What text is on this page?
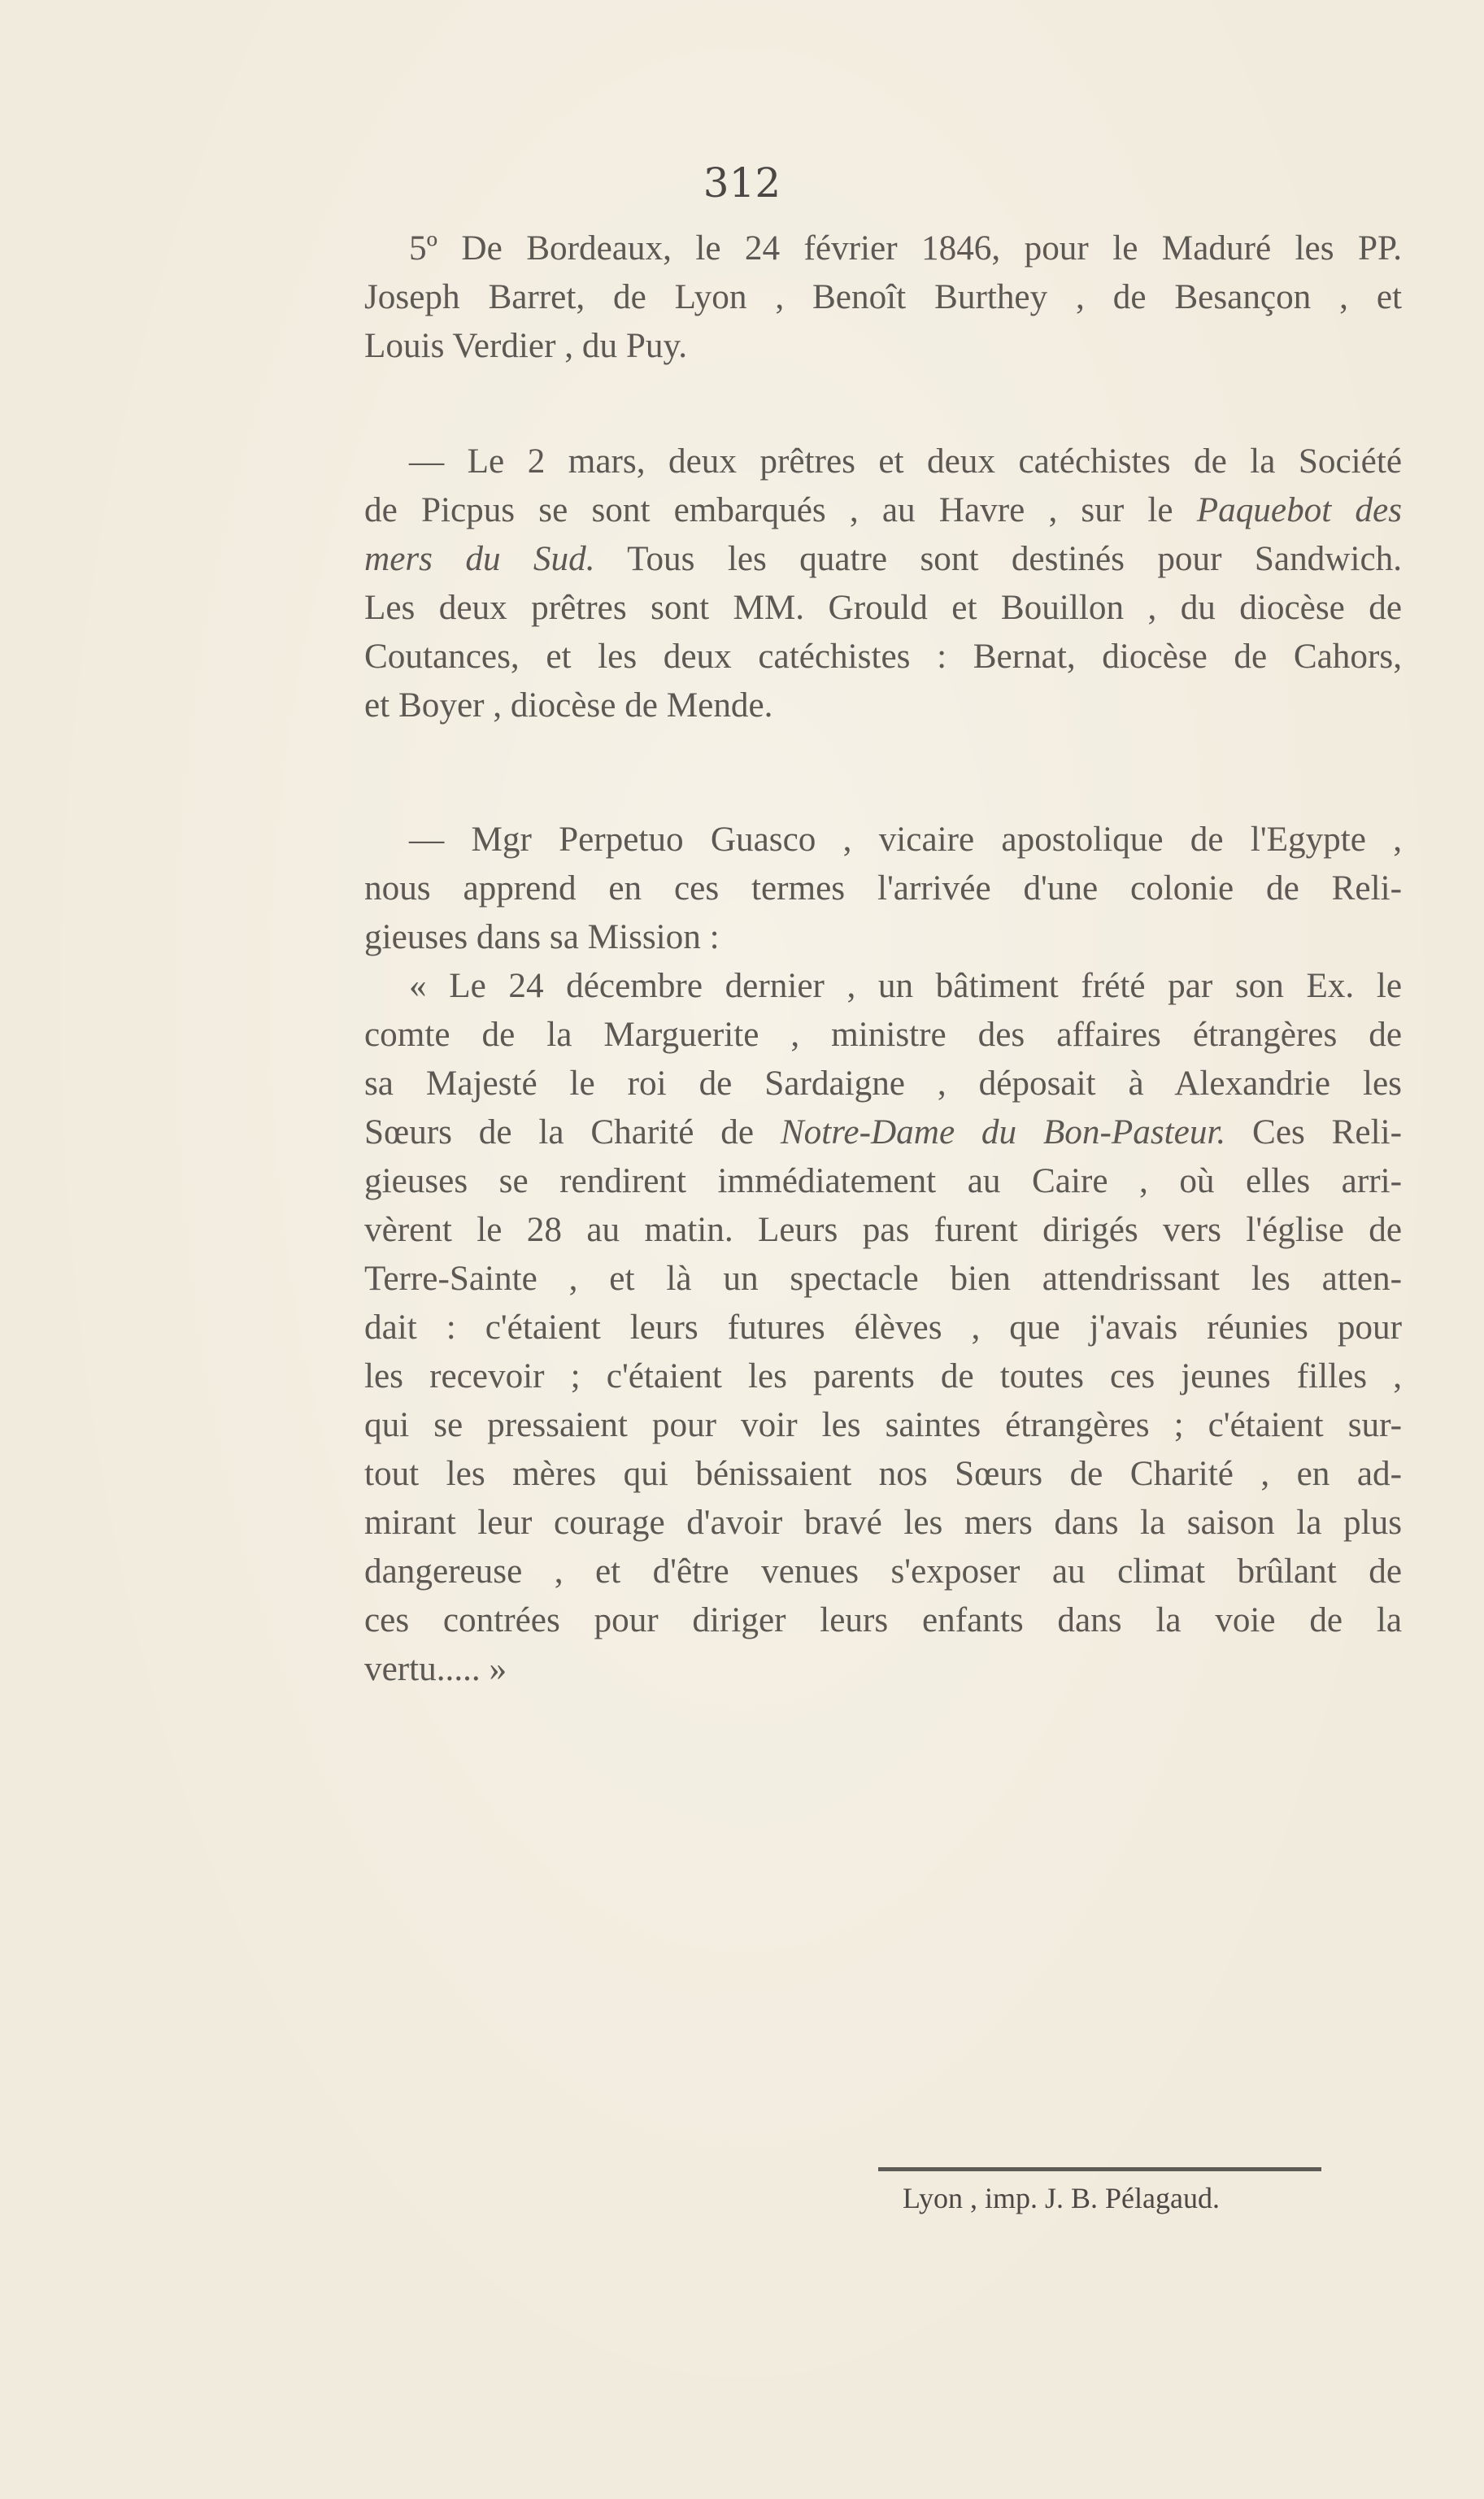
312
5º De Bordeaux, le 24 février 1846, pour le Maduré les PP.
Joseph Barret, de Lyon , Benoît Burthey , de Besançon , et
Louis Verdier , du Puy.
— Le 2 mars, deux prêtres et deux catéchistes de la Société
de Picpus se sont embarqués , au Havre , sur le Paquebot des
mers du Sud. Tous les quatre sont destinés pour Sandwich.
Les deux prêtres sont MM. Grould et Bouillon , du diocèse de
Coutances, et les deux catéchistes : Bernat, diocèse de Cahors,
et Boyer , diocèse de Mende.
— Mgr Perpetuo Guasco , vicaire apostolique de l'Egypte ,
nous apprend en ces termes l'arrivée d'une colonie de Reli-
gieuses dans sa Mission :
« Le 24 décembre dernier , un bâtiment frété par son Ex. le
comte de la Marguerite , ministre des affaires étrangères de
sa Majesté le roi de Sardaigne , déposait à Alexandrie les
Sœurs de la Charité de Notre-Dame du Bon-Pasteur. Ces Reli-
gieuses se rendirent immédiatement au Caire , où elles arri-
vèrent le 28 au matin. Leurs pas furent dirigés vers l'église de
Terre-Sainte , et là un spectacle bien attendrissant les atten-
dait : c'étaient leurs futures élèves , que j'avais réunies pour
les recevoir ; c'étaient les parents de toutes ces jeunes filles ,
qui se pressaient pour voir les saintes étrangères ; c'étaient sur-
tout les mères qui bénissaient nos Sœurs de Charité , en ad-
mirant leur courage d'avoir bravé les mers dans la saison la plus
dangereuse , et d'être venues s'exposer au climat brûlant de
ces contrées pour diriger leurs enfants dans la voie de la
vertu..... »
Lyon , imp. J. B. Pélagaud.
